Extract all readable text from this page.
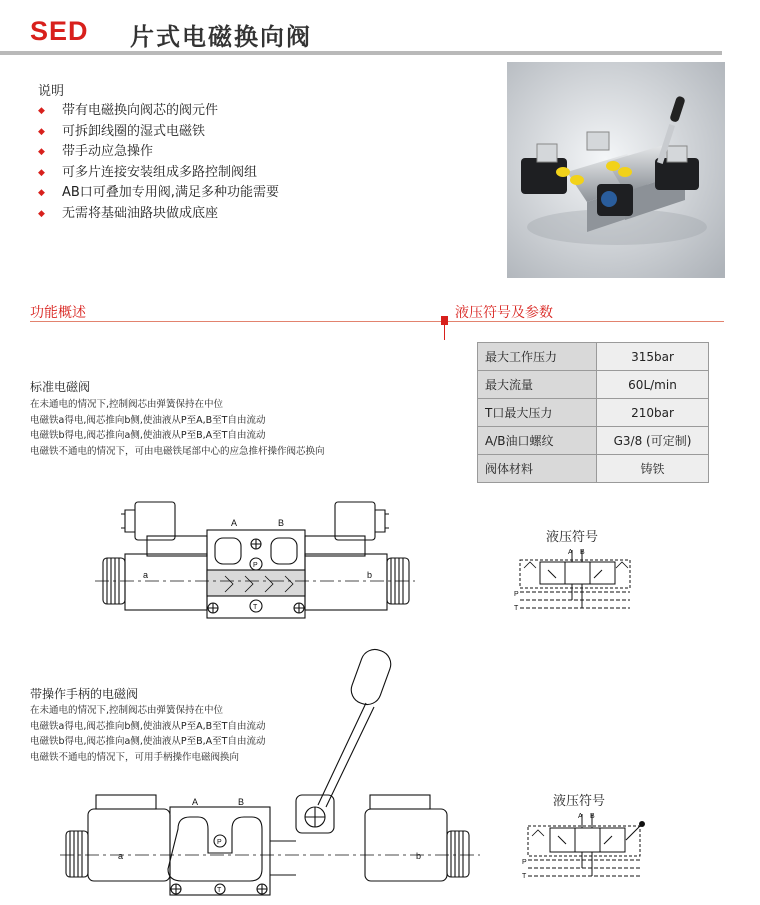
SED 片式电磁换向阀
说明
◆ 带有电磁换向阀芯的阀元件
◆ 可拆卸线圈的湿式电磁铁
◆ 带手动应急操作
◆ 可多片连接安装组成多路控制阀组
◆ AB口可叠加专用阀,满足多种功能需要
◆ 无需将基础油路块做成底座
功能概述	液压符号及参数
最大工作压力	315bar
最大流量	60L/min
T口最大压力	210bar
A/B油口螺纹	G3/8 (可定制)
阀体材料	铸铁
标准电磁阀
在未通电的情况下,控制阀芯由弹簧保持在中位
电磁铁a得电,阀芯推向b侧,使油液从P至A,B至T自由流动
电磁铁b得电,阀芯推向a侧,使油液从P至B,A至T自由流动
电磁铁不通电的情况下，可由电磁铁尾部中心的应急推杆操作阀芯换向
A	B
a	b
P
T
液压符号
A B
P
T
带操作手柄的电磁阀
在未通电的情况下,控制阀芯由弹簧保持在中位
电磁铁a得电,阀芯推向b侧,使油液从P至A,B至T自由流动
电磁铁b得电,阀芯推向a侧,使油液从P至B,A至T自由流动
电磁铁不通电的情况下，可用手柄操作电磁阀换向
A	B
a	b
P
T
液压符号
A B
P
T
